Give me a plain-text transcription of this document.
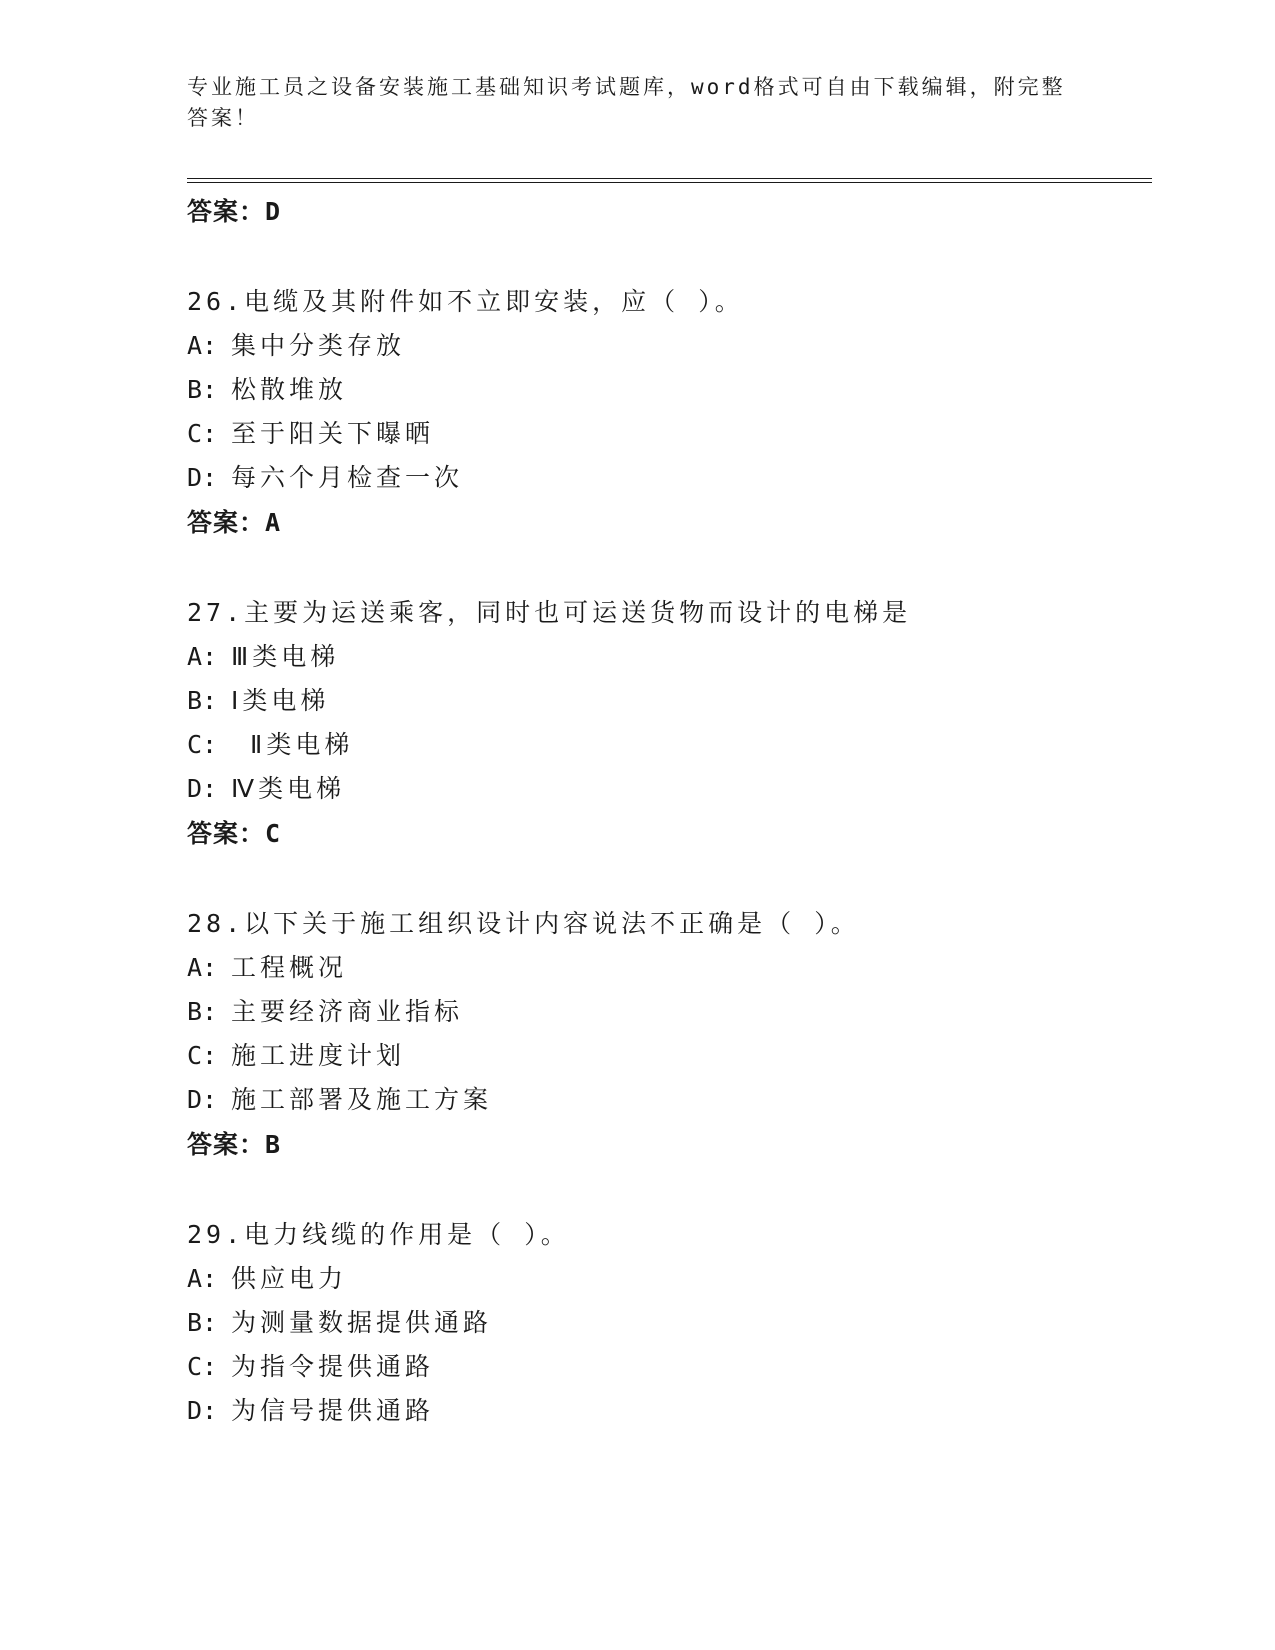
专业施工员之设备安装施工基础知识考试题库，word格式可自由下载编辑，附完整答案！
答案：D
26.电缆及其附件如不立即安装，应（ ）。
A: 集中分类存放
B: 松散堆放
C: 至于阳关下曝晒
D: 每六个月检查一次
答案：A
27.主要为运送乘客，同时也可运送货物而设计的电梯是
A: Ⅲ类电梯
B: Ⅰ类电梯
C: Ⅱ类电梯
D: Ⅳ类电梯
答案：C
28.以下关于施工组织设计内容说法不正确是（ ）。
A: 工程概况
B: 主要经济商业指标
C: 施工进度计划
D: 施工部署及施工方案
答案：B
29.电力线缆的作用是（ ）。
A: 供应电力
B: 为测量数据提供通路
C: 为指令提供通路
D: 为信号提供通路
